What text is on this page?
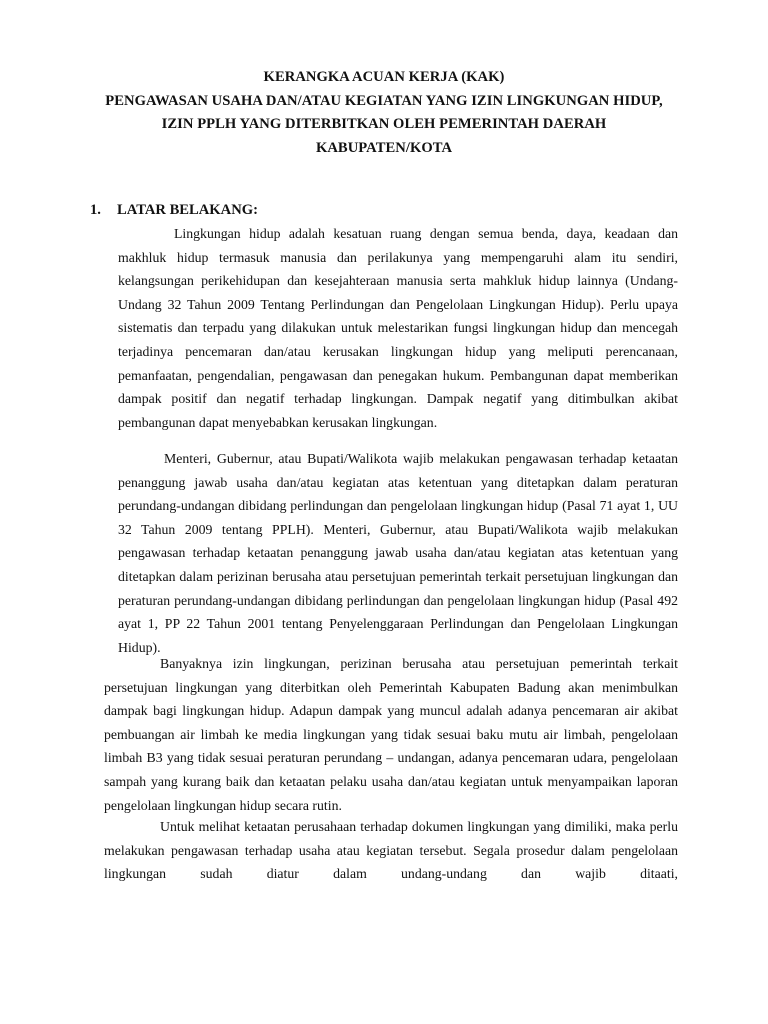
KERANGKA ACUAN KERJA (KAK)
PENGAWASAN USAHA DAN/ATAU KEGIATAN YANG IZIN LINGKUNGAN HIDUP,
IZIN PPLH YANG DITERBITKAN OLEH PEMERINTAH DAERAH
KABUPATEN/KOTA
1. LATAR BELAKANG:
Lingkungan hidup adalah kesatuan ruang dengan semua benda, daya, keadaan dan makhluk hidup termasuk manusia dan perilakunya yang mempengaruhi alam itu sendiri, kelangsungan perikehidupan dan kesejahteraan manusia serta mahkluk hidup lainnya (Undang-Undang 32 Tahun 2009 Tentang Perlindungan dan Pengelolaan Lingkungan Hidup). Perlu upaya sistematis dan terpadu yang dilakukan untuk melestarikan fungsi lingkungan hidup dan mencegah terjadinya pencemaran dan/atau kerusakan lingkungan hidup yang meliputi perencanaan, pemanfaatan, pengendalian, pengawasan dan penegakan hukum. Pembangunan dapat memberikan dampak positif dan negatif terhadap lingkungan. Dampak negatif yang ditimbulkan akibat pembangunan dapat menyebabkan kerusakan lingkungan.
Menteri, Gubernur, atau Bupati/Walikota wajib melakukan pengawasan terhadap ketaatan penanggung jawab usaha dan/atau kegiatan atas ketentuan yang ditetapkan dalam peraturan perundang-undangan dibidang perlindungan dan pengelolaan lingkungan hidup (Pasal 71 ayat 1, UU 32 Tahun 2009 tentang PPLH). Menteri, Gubernur, atau Bupati/Walikota wajib melakukan pengawasan terhadap ketaatan penanggung jawab usaha dan/atau kegiatan atas ketentuan yang ditetapkan dalam perizinan berusaha atau persetujuan pemerintah terkait persetujuan lingkungan dan peraturan perundang-undangan dibidang perlindungan dan pengelolaan lingkungan hidup (Pasal 492 ayat 1, PP 22 Tahun 2001 tentang Penyelenggaraan Perlindungan dan Pengelolaan Lingkungan Hidup).
Banyaknya izin lingkungan, perizinan berusaha atau persetujuan pemerintah terkait persetujuan lingkungan yang diterbitkan oleh Pemerintah Kabupaten Badung akan menimbulkan dampak bagi lingkungan hidup. Adapun dampak yang muncul adalah adanya pencemaran air akibat pembuangan air limbah ke media lingkungan yang tidak sesuai baku mutu air limbah, pengelolaan limbah B3 yang tidak sesuai peraturan perundang – undangan, adanya pencemaran udara, pengelolaan sampah yang kurang baik dan ketaatan pelaku usaha dan/atau kegiatan untuk menyampaikan laporan pengelolaan lingkungan hidup secara rutin.
Untuk melihat ketaatan perusahaan terhadap dokumen lingkungan yang dimiliki, maka perlu melakukan pengawasan terhadap usaha atau kegiatan tersebut. Segala prosedur dalam pengelolaan lingkungan sudah diatur dalam undang-undang dan wajib ditaati,
